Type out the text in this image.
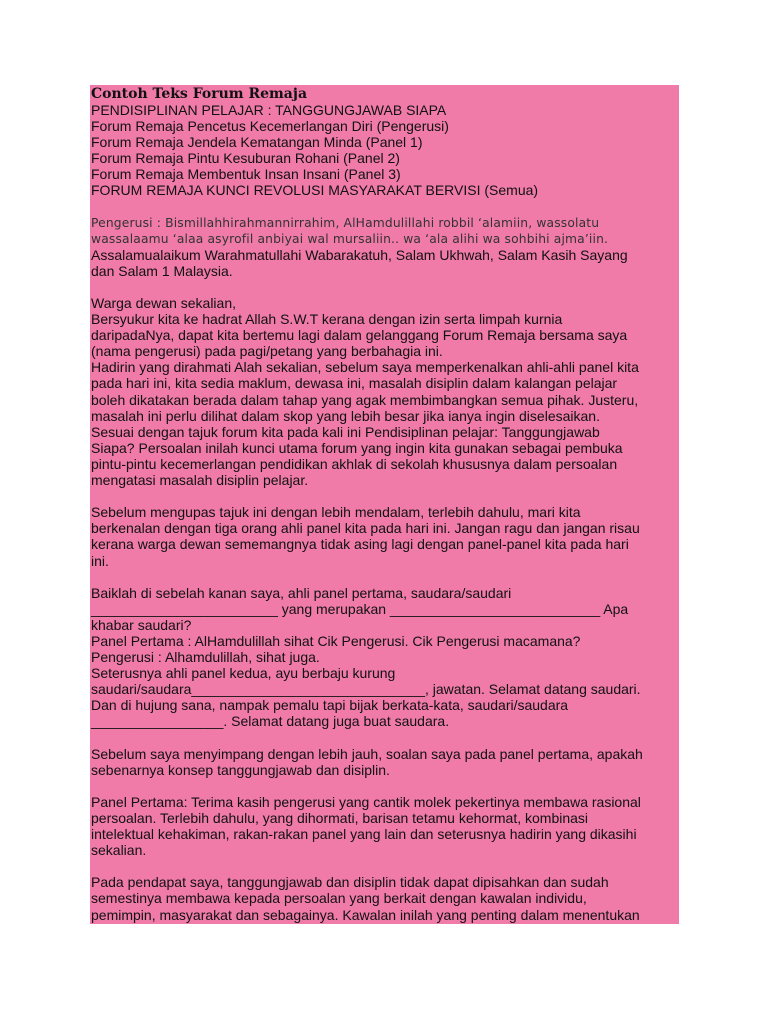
Contoh Teks Forum Remaja
PENDISIPLINAN PELAJAR : TANGGUNGJAWAB SIAPA
Forum Remaja Pencetus Kecemerlangan Diri (Pengerusi)
Forum Remaja Jendela Kematangan Minda (Panel 1)
Forum Remaja Pintu Kesuburan Rohani (Panel 2)
Forum Remaja Membentuk Insan Insani (Panel 3)
FORUM REMAJA KUNCI REVOLUSI MASYARAKAT BERVISI (Semua)
Pengerusi : Bismillahhirahmannirrahim, AlHamdulillahi robbil ‘alamiin, wassolatu
wassalaamu ‘alaa asyrofil anbiyai wal mursaliin.. wa ‘ala alihi wa sohbihi ajma’iin.
Assalamualaikum Warahmatullahi Wabarakatuh, Salam Ukhwah, Salam Kasih Sayang
dan Salam 1 Malaysia.
Warga dewan sekalian,
Bersyukur kita ke hadrat Allah S.W.T kerana dengan izin serta limpah kurnia
daripadaNya, dapat kita bertemu lagi dalam gelanggang Forum Remaja bersama saya
(nama pengerusi) pada pagi/petang yang berbahagia ini.
Hadirin yang dirahmati Alah sekalian, sebelum saya memperkenalkan ahli-ahli panel kita
pada hari ini, kita sedia maklum, dewasa ini, masalah disiplin dalam kalangan pelajar
boleh dikatakan berada dalam tahap yang agak membimbangkan semua pihak. Justeru,
masalah ini perlu dilihat dalam skop yang lebih besar jika ianya ingin diselesaikan.
Sesuai dengan tajuk forum kita pada kali ini Pendisiplinan pelajar: Tanggungjawab
Siapa? Persoalan inilah kunci utama forum yang ingin kita gunakan sebagai pembuka
pintu-pintu kecemerlangan pendidikan akhlak di sekolah khususnya dalam persoalan
mengatasi masalah disiplin pelajar.
Sebelum mengupas tajuk ini dengan lebih mendalam, terlebih dahulu, mari kita
berkenalan dengan tiga orang ahli panel kita pada hari ini. Jangan ragu dan jangan risau
kerana warga dewan sememangnya tidak asing lagi dengan panel-panel kita pada hari
ini.
Baiklah di sebelah kanan saya, ahli panel pertama, saudara/saudari
________________________ yang merupakan ___________________________ Apa
khabar saudari?
Panel Pertama : AlHamdulillah sihat Cik Pengerusi. Cik Pengerusi macamana?
Pengerusi : Alhamdulillah, sihat juga.
Seterusnya ahli panel kedua, ayu berbaju kurung
saudari/saudara______________________________, jawatan. Selamat datang saudari.
Dan di hujung sana, nampak pemalu tapi bijak berkata-kata, saudari/saudara
_________________. Selamat datang juga buat saudara.
Sebelum saya menyimpang dengan lebih jauh, soalan saya pada panel pertama, apakah
sebenarnya konsep tanggungjawab dan disiplin.
Panel Pertama: Terima kasih pengerusi yang cantik molek pekertinya membawa rasional
persoalan. Terlebih dahulu, yang dihormati, barisan tetamu kehormat, kombinasi
intelektual kehakiman, rakan-rakan panel yang lain dan seterusnya hadirin yang dikasihi
sekalian.
Pada pendapat saya, tanggungjawab dan disiplin tidak dapat dipisahkan dan sudah
semestinya membawa kepada persoalan yang berkait dengan kawalan individu,
pemimpin, masyarakat dan sebagainya. Kawalan inilah yang penting dalam menentukan
